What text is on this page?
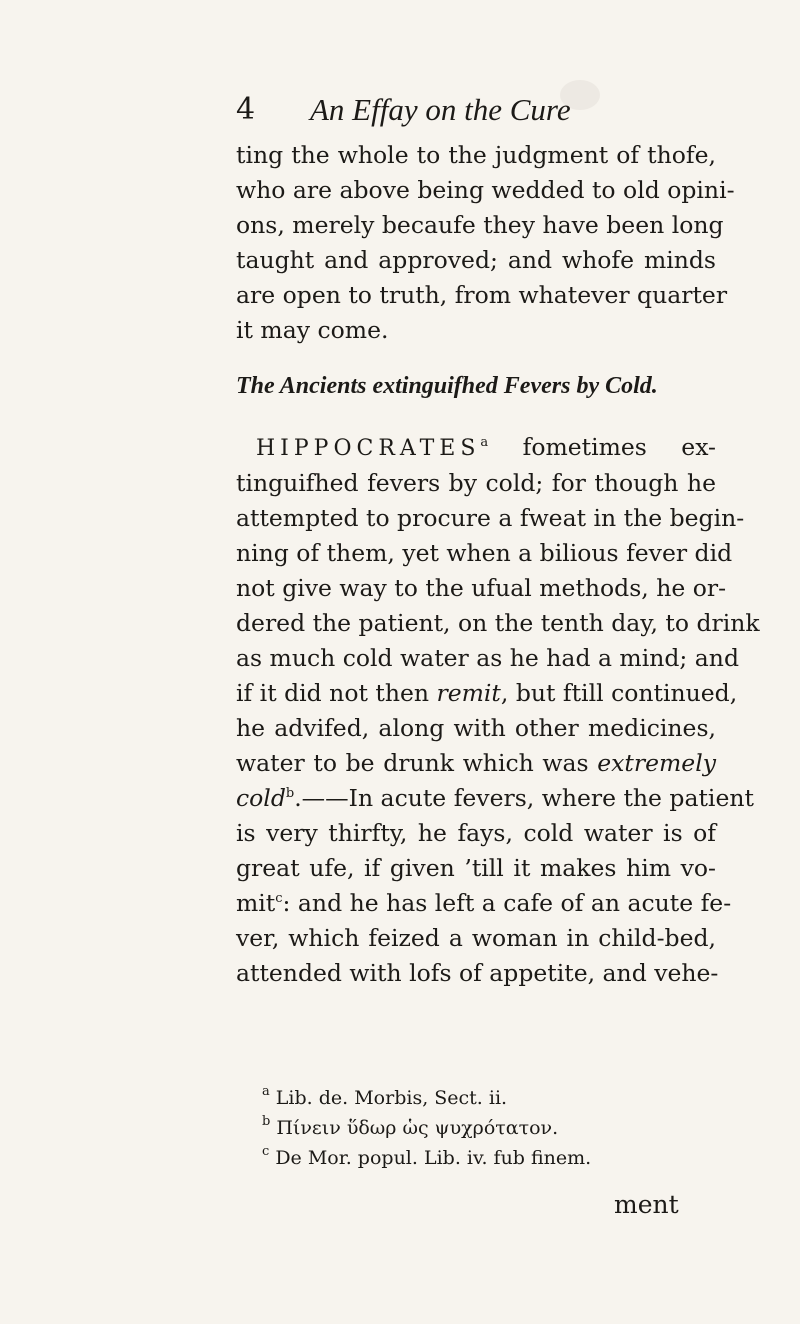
4 An Effay on the Cure
ting the whole to the judgment of thofe,
who are above being wedded to old opini-
ons, merely becaufe they have been long
taught and approved; and whofe minds
are open to truth, from whatever quarter
it may come.
The Ancients extinguifhed Fevers by Cold.
HIPPOCRATES$^a$ fometimes ex-
tinguifhed fevers by cold; for though he
attempted to procure a fweat in the begin-
ning of them, yet when a bilious fever did
not give way to the ufual methods, he or-
dered the patient, on the tenth day, to drink
as much cold water as he had a mind; and
if it did not then remit, but ftill continued,
he advifed, along with other medicines,
water to be drunk which was extremely
cold$^b$.——In acute fevers, where the patient
is very thirfty, he fays, cold water is of
great ufe, if given ’till it makes him vo-
mit$^c$: and he has left a cafe of an acute fe-
ver, which feized a woman in child-bed,
attended with lofs of appetite, and vehe-
$^a$ Lib. de. Morbis, Sect. ii.
$^b$ Πίνειν ὕδωρ ὡς ψυχρότατον.
$^c$ De Mor. popul. Lib. iv. fub finem.
ment
